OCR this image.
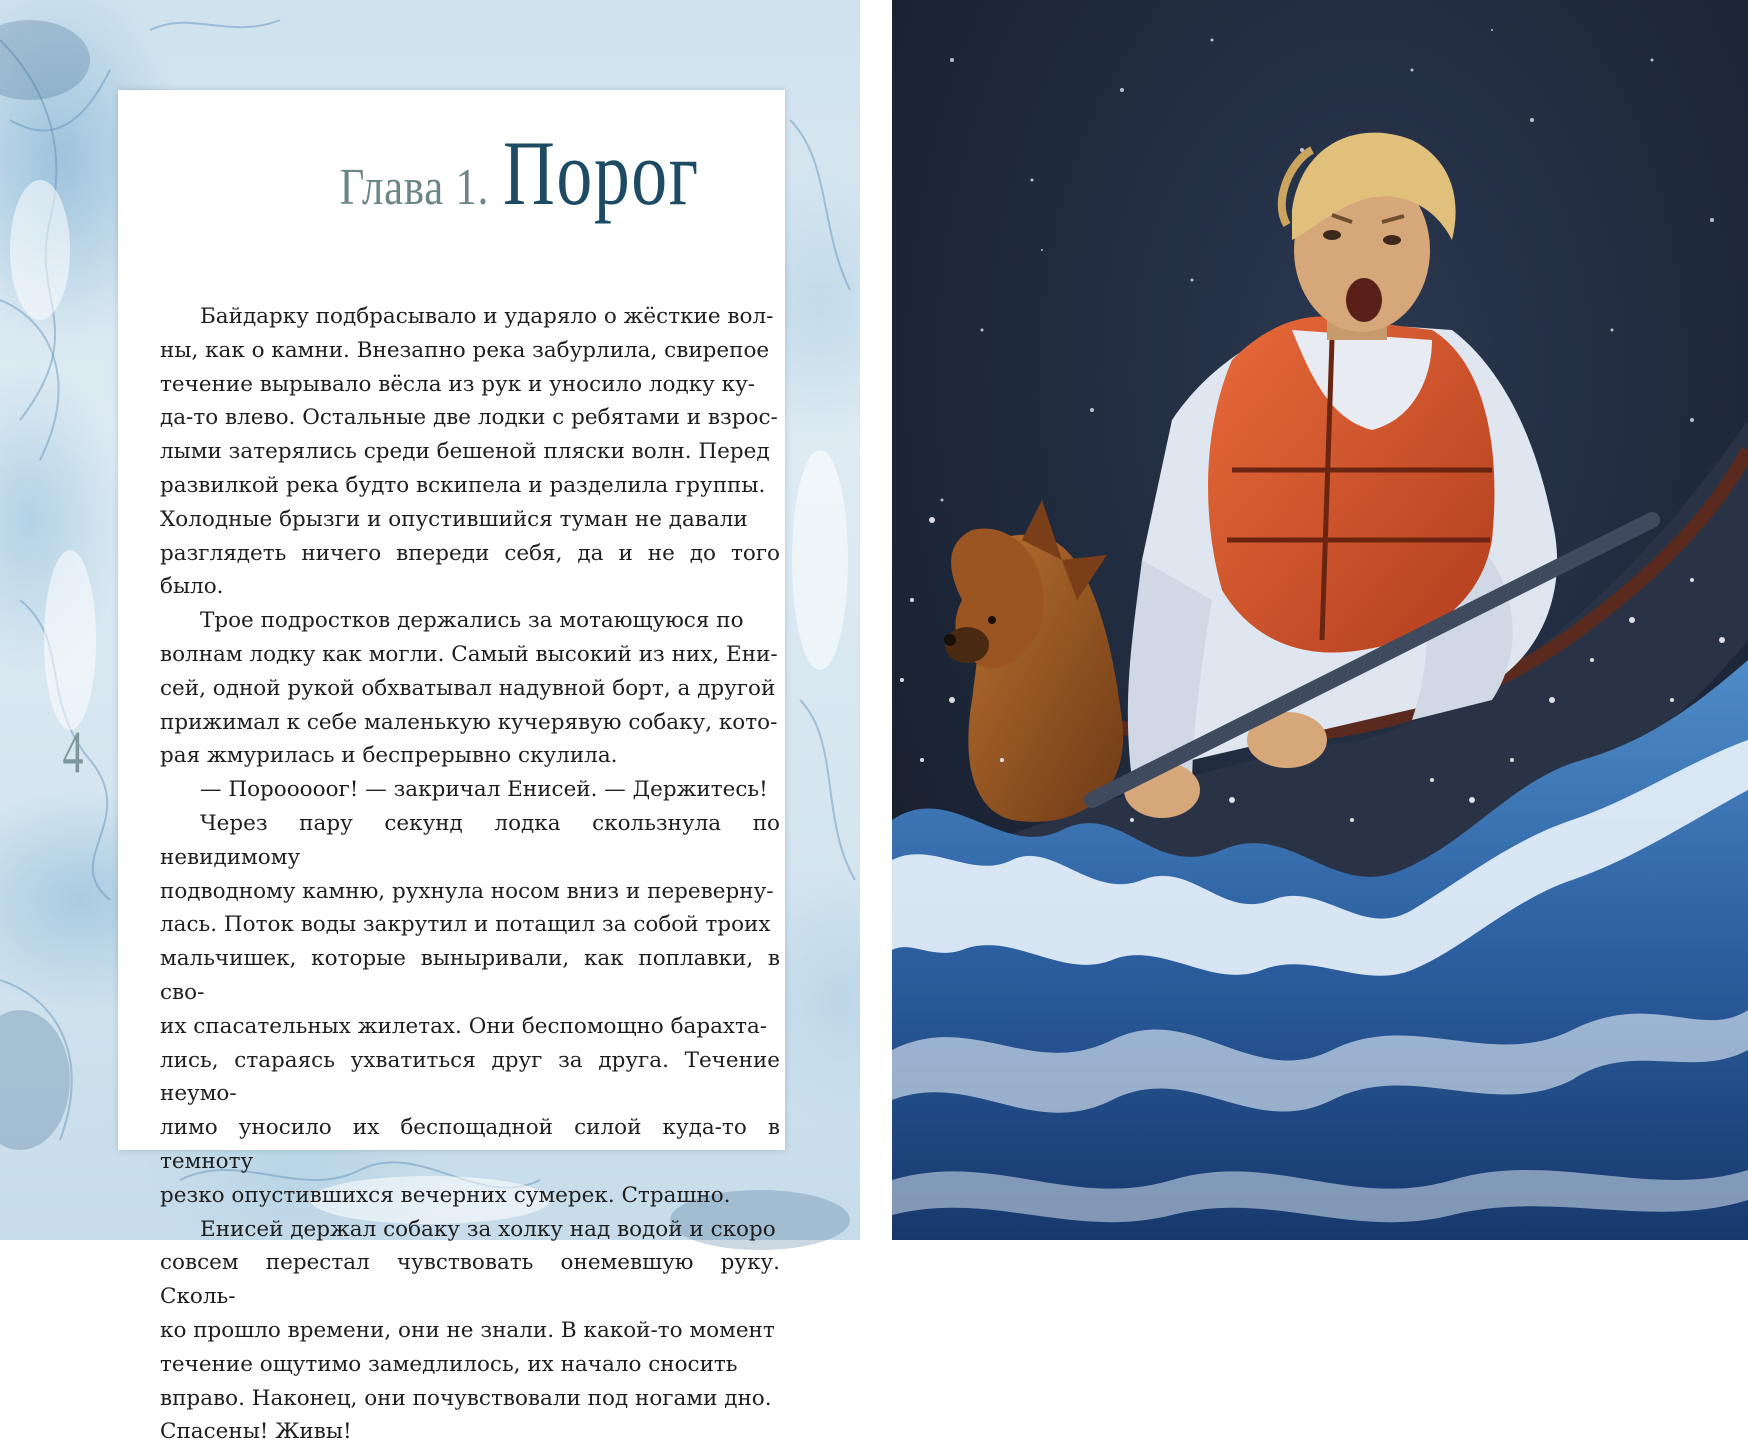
Глава 1. Порог

Байдарку подбрасывало и ударяло о жёсткие вол-
ны, как о камни. Внезапно река забурлила, свирепое
течение вырывало вёсла из рук и уносило лодку ку-
да-то влево. Остальные две лодки с ребятами и взрос-
лыми затерялись среди бешеной пляски волн. Перед
развилкой река будто вскипела и разделила группы.
Холодные брызги и опустившийся туман не давали
разглядеть ничего впереди себя, да и не до того было.

Трое подростков держались за мотающуюся по
волнам лодку как могли. Самый высокий из них, Ени-
сей, одной рукой обхватывал надувной борт, а другой
прижимал к себе маленькую кучерявую собаку, кото-
рая жмурилась и беспрерывно скулила.

— Порооооог! — закричал Енисей. — Держитесь!

Через пару секунд лодка скользнула по невидимому
подводному камню, рухнула носом вниз и переверну-
лась. Поток воды закрутил и потащил за собой троих
мальчишек, которые выныривали, как поплавки, в сво-
их спасательных жилетах. Они беспомощно бараxта-
лись, стараясь ухватиться друг за друга. Течение неумо-
лимо уносило их беспощадной силой куда-то в темноту
резко опустившихся вечерних сумерек. Страшно.

Енисей держал собаку за холку над водой и скоро
совсем перестал чувствовать онемевшую руку. Сколь-
ко прошло времени, они не знали. В какой-то момент
течение ощутимо замедлилось, их начало сносить
вправо. Наконец, они почувствовали под ногами дно.
Спасены! Живы!

4
